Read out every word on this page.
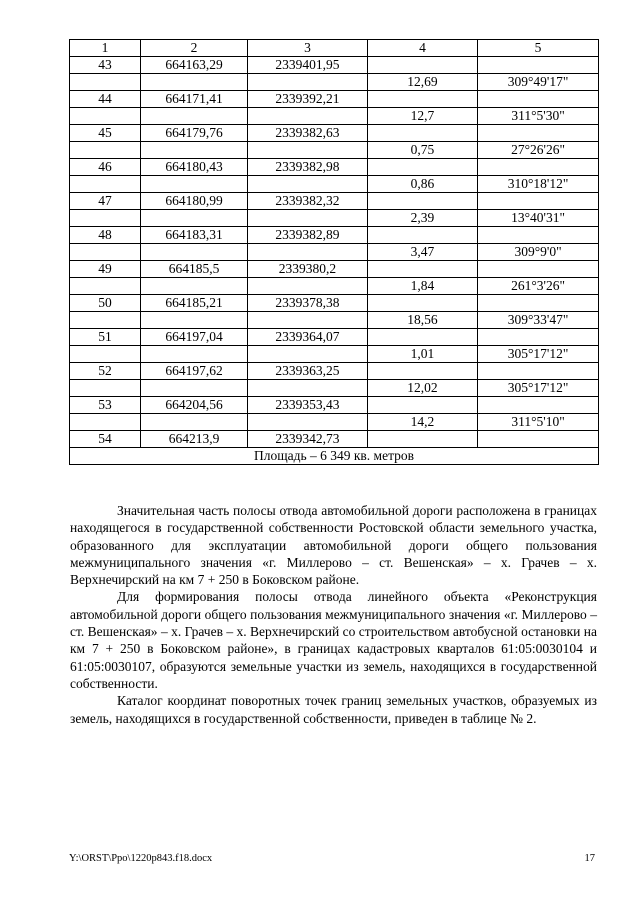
1	2	3	4	5
43	664163,29	2339401,95		
			12,69	309°49'17"
44	664171,41	2339392,21		
			12,7	311°5'30"
45	664179,76	2339382,63		
			0,75	27°26'26"
46	664180,43	2339382,98		
			0,86	310°18'12"
47	664180,99	2339382,32		
			2,39	13°40'31"
48	664183,31	2339382,89		
			3,47	309°9'0"
49	664185,5	2339380,2		
			1,84	261°3'26"
50	664185,21	2339378,38		
			18,56	309°33'47"
51	664197,04	2339364,07		
			1,01	305°17'12"
52	664197,62	2339363,25		
			12,02	305°17'12"
53	664204,56	2339353,43		
			14,2	311°5'10"
54	664213,9	2339342,73		
Площадь – 6 349 кв. метров				

Значительная часть полосы отвода автомобильной дороги расположена в границах находящегося в государственной собственности Ростовской области земельного участка, образованного для эксплуатации автомобильной дороги общего пользования межмуниципального значения «г. Миллерово – ст. Вешенская» – х. Грачев – х. Верхнечирский на км 7 + 250 в Боковском районе.

Для формирования полосы отвода линейного объекта «Реконструкция автомобильной дороги общего пользования межмуниципального значения «г. Миллерово – ст. Вешенская» – х. Грачев – х. Верхнечирский со строительством автобусной остановки на км 7 + 250 в Боковском районе», в границах кадастровых кварталов 61:05:0030104 и 61:05:0030107, образуются земельные участки из земель, находящихся в государственной собственности.

Каталог координат поворотных точек границ земельных участков, образуемых из земель, находящихся в государственной собственности, приведен в таблице № 2.

Y:\ORST\Рро\1220p843.f18.docx	17
